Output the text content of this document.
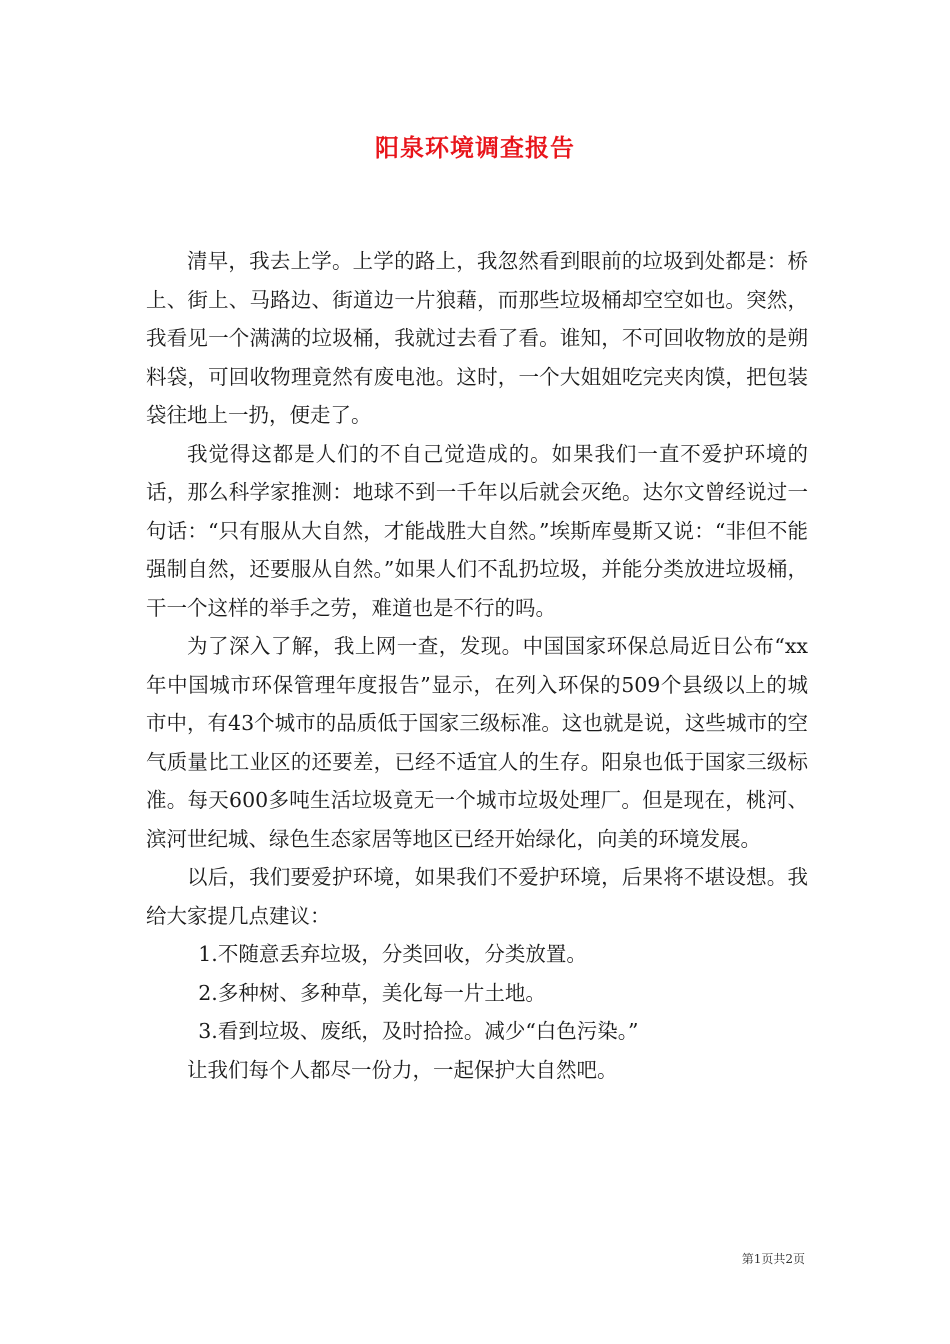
阳泉环境调查报告

清早，我去上学。上学的路上，我忽然看到眼前的垃圾到处都是：桥上、街上、马路边、街道边一片狼藉，而那些垃圾桶却空空如也。突然，我看见一个满满的垃圾桶，我就过去看了看。谁知，不可回收物放的是朔料袋，可回收物理竟然有废电池。这时，一个大姐姐吃完夹肉馍，把包装袋往地上一扔，便走了。

我觉得这都是人们的不自己觉造成的。如果我们一直不爱护环境的话，那么科学家推测：地球不到一千年以后就会灭绝。达尔文曾经说过一句话：“只有服从大自然，才能战胜大自然。”埃斯库曼斯又说：“非但不能强制自然，还要服从自然。”如果人们不乱扔垃圾，并能分类放进垃圾桶，干一个这样的举手之劳，难道也是不行的吗。

为了深入了解，我上网一查，发现。中国国家环保总局近日公布“xx年中国城市环保管理年度报告”显示，在列入环保的509个县级以上的城市中，有43个城市的品质低于国家三级标准。这也就是说，这些城市的空气质量比工业区的还要差，已经不适宜人的生存。阳泉也低于国家三级标准。每天600多吨生活垃圾竟无一个城市垃圾处理厂。但是现在，桃河、滨河世纪城、绿色生态家居等地区已经开始绿化，向美的环境发展。

以后，我们要爱护环境，如果我们不爱护环境，后果将不堪设想。我给大家提几点建议：

1.不随意丢弃垃圾，分类回收，分类放置。

2.多种树、多种草，美化每一片土地。

3.看到垃圾、废纸，及时拾捡。减少“白色污染。”

让我们每个人都尽一份力，一起保护大自然吧。

第1页共2页
